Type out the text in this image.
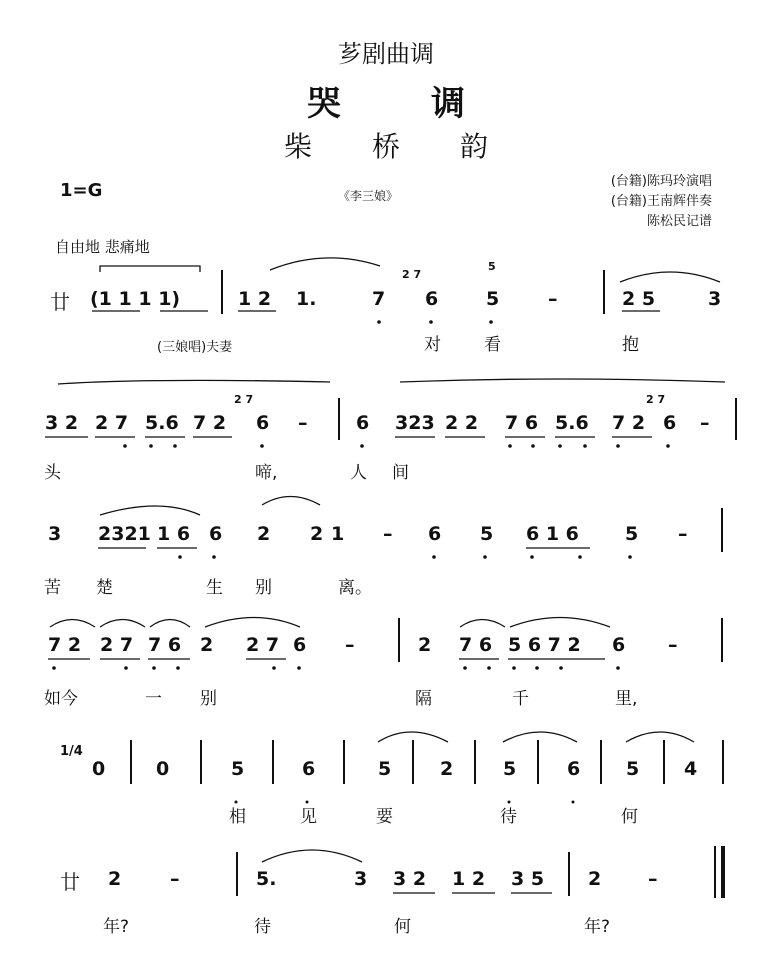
芗剧曲调
哭调
柴桥韵
1=G	《李三娘》
(台籍)陈玛玲演唱
(台籍)王南辉伴奏
陈松民记谱
自由地 悲痛地
廿 (1 1 1 1)	1 2 1.	7 6	5	–	2 5	3
2 7
5
(三娘唱)夫妻	对	看	抱
3 2 2 7 5.6 7 2 6 –	6 323 2 2 7 6 5.6 7 2 6 –
2 7	2 7
头	啼,	人 间
3 2321 1 6 6 2 2 1 – 6 5 6 1 6 5 –
苦 楚	生 别	离。
7 2 2 7 7 6 2 2 7 6 –	2 7 6 5 6 7 2 6 –
如今	一 别	隔	千	里,
1/4
0	0	5	6	5	2	5	6 5 4
相	见	要	待	何
廿 2	–	5.	3 3 2 1 2 3 5 2 –
年?	待	何	年?
